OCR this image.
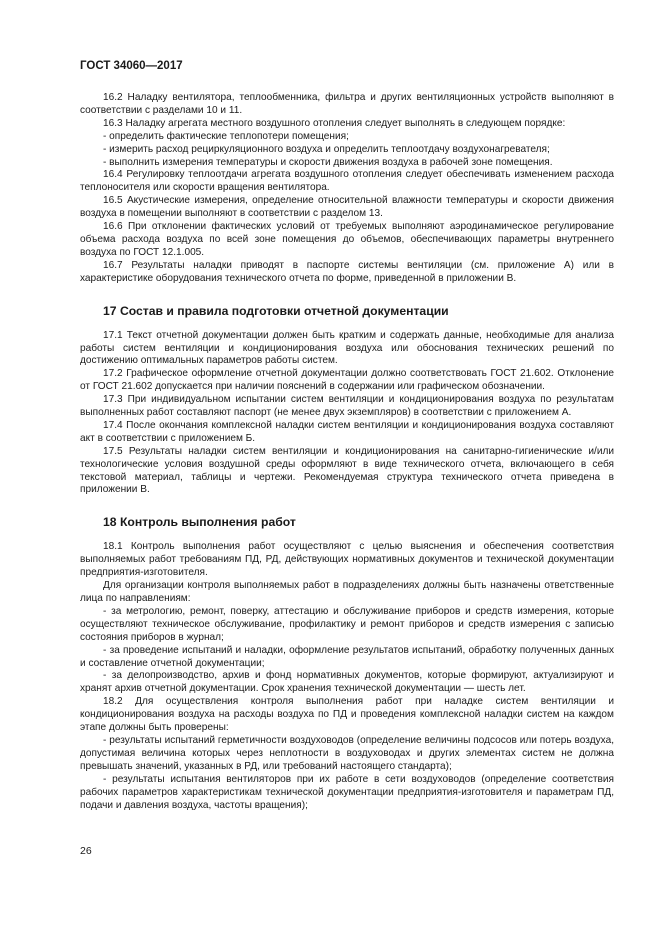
ГОСТ 34060—2017

16.2 Наладку вентилятора, теплообменника, фильтра и других вентиляционных устройств выполняют в соответствии с разделами 10 и 11.

16.3 Наладку агрегата местного воздушного отопления следует выполнять в следующем порядке:

- определить фактические теплопотери помещения;

- измерить расход рециркуляционного воздуха и определить теплоотдачу воздухонагревателя;

- выполнить измерения температуры и скорости движения воздуха в рабочей зоне помещения.

16.4 Регулировку теплоотдачи агрегата воздушного отопления следует обеспечивать изменением расхода теплоносителя или скорости вращения вентилятора.

16.5 Акустические измерения, определение относительной влажности температуры и скорости движения воздуха в помещении выполняют в соответствии с разделом 13.

16.6 При отклонении фактических условий от требуемых выполняют аэродинамическое регулирование объема расхода воздуха по всей зоне помещения до объемов, обеспечивающих параметры внутреннего воздуха по ГОСТ 12.1.005.

16.7 Результаты наладки приводят в паспорте системы вентиляции (см. приложение А) или в характеристике оборудования технического отчета по форме, приведенной в приложении В.

17 Состав и правила подготовки отчетной документации

17.1 Текст отчетной документации должен быть кратким и содержать данные, необходимые для анализа работы систем вентиляции и кондиционирования воздуха или обоснования технических решений по достижению оптимальных параметров работы систем.

17.2 Графическое оформление отчетной документации должно соответствовать ГОСТ 21.602. Отклонение от ГОСТ 21.602 допускается при наличии пояснений в содержании или графическом обозначении.

17.3 При индивидуальном испытании систем вентиляции и кондиционирования воздуха по результатам выполненных работ составляют паспорт (не менее двух экземпляров) в соответствии с приложением А.

17.4 После окончания комплексной наладки систем вентиляции и кондиционирования воздуха составляют акт в соответствии с приложением Б.

17.5 Результаты наладки систем вентиляции и кондиционирования на санитарно-гигиенические и/или технологические условия воздушной среды оформляют в виде технического отчета, включающего в себя текстовой материал, таблицы и чертежи. Рекомендуемая структура технического отчета приведена в приложении В.

18 Контроль выполнения работ

18.1 Контроль выполнения работ осуществляют с целью выяснения и обеспечения соответствия выполняемых работ требованиям ПД, РД, действующих нормативных документов и технической документации предприятия-изготовителя.

Для организации контроля выполняемых работ в подразделениях должны быть назначены ответственные лица по направлениям:

- за метрологию, ремонт, поверку, аттестацию и обслуживание приборов и средств измерения, которые осуществляют техническое обслуживание, профилактику и ремонт приборов и средств измерения с записью состояния приборов в журнал;

- за проведение испытаний и наладки, оформление результатов испытаний, обработку полученных данных и составление отчетной документации;

- за делопроизводство, архив и фонд нормативных документов, которые формируют, актуализируют и хранят архив отчетной документации. Срок хранения технической документации — шесть лет.

18.2 Для осуществления контроля выполнения работ при наладке систем вентиляции и кондиционирования воздуха на расходы воздуха по ПД и проведения комплексной наладки систем на каждом этапе должны быть проверены:

- результаты испытаний герметичности воздуховодов (определение величины подсосов или потерь воздуха, допустимая величина которых через неплотности в воздуховодах и других элементах систем не должна превышать значений, указанных в РД, или требований настоящего стандарта);

- результаты испытания вентиляторов при их работе в сети воздуховодов (определение соответствия рабочих параметров характеристикам технической документации предприятия-изготовителя и параметрам ПД, подачи и давления воздуха, частоты вращения);

26
